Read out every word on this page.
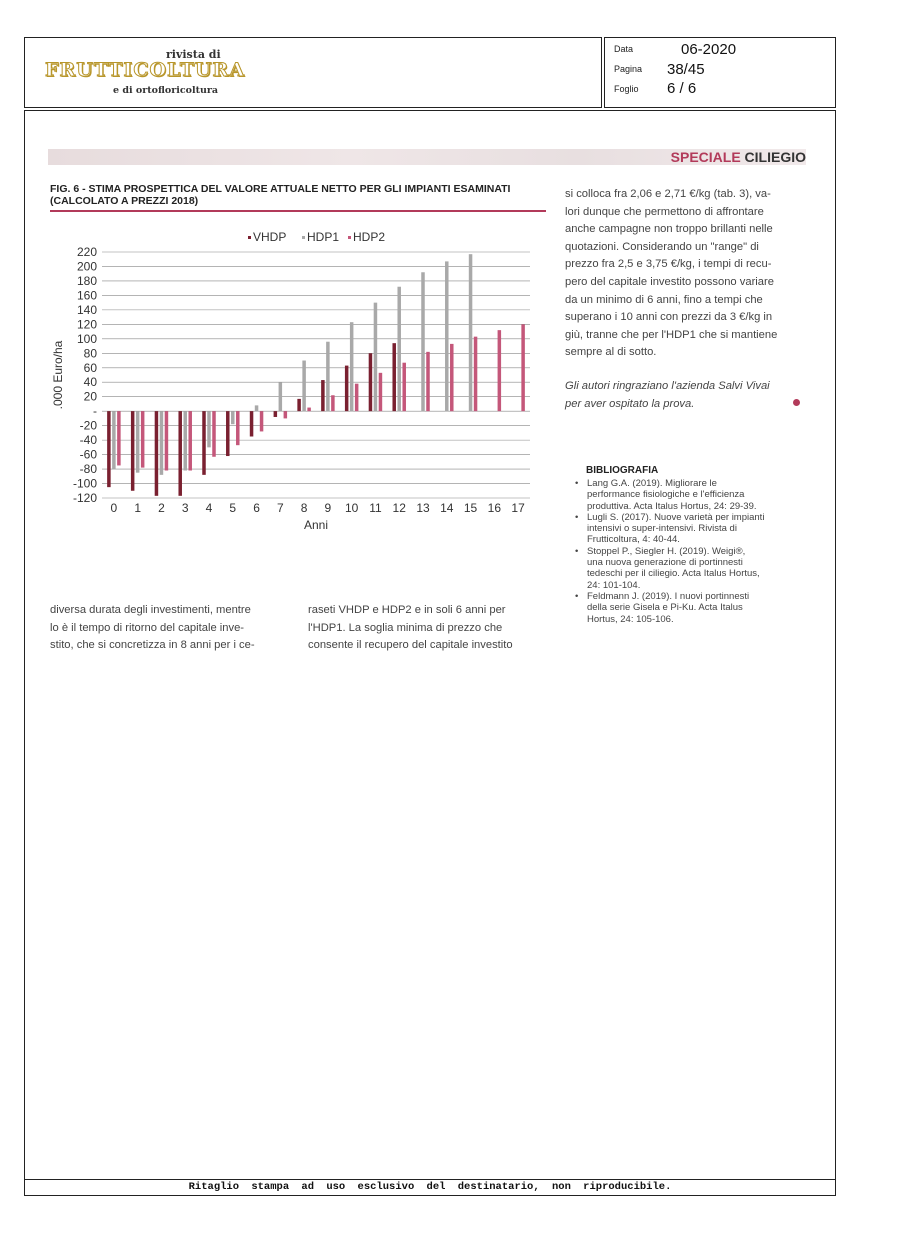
rivista di
FRUTTICOLTURA
e di ortofloricoltura
Data	06-2020
Pagina 38/45
Foglio 6 / 6
SPECIALE CILIEGIO
FIG. 6 - STIMA PROSPETTICA DEL VALORE ATTUALE NETTO PER GLI IMPIANTI ESAMINATI
(CALCOLATO A PREZZI 2018)
220
200
180
160
140
120
100
80
60
40
20
-
-20
-40
-60
-80
-100
-120
.000 Euro/ha
0 1 2 3 4 5 6 7 8 9 10 11 12 13 14 15 16 17
Anni
VHDP HDP1 HDP2
diversa durata degli investimenti, mentre
lo è il tempo di ritorno del capitale inve-
stito, che si concretizza in 8 anni per i ce-
raseti VHDP e HDP2 e in soli 6 anni per
l'HDP1. La soglia minima di prezzo che
consente il recupero del capitale investito
si colloca fra 2,06 e 2,71 €/kg (tab. 3), va-
lori dunque che permettono di affrontare
anche campagne non troppo brillanti nelle
quotazioni. Considerando un "range" di
prezzo fra 2,5 e 3,75 €/kg, i tempi di recu-
pero del capitale investito possono variare
da un minimo di 6 anni, fino a tempi che
superano i 10 anni con prezzi da 3 €/kg in
giù, tranne che per l'HDP1 che si mantiene
sempre al di sotto.
Gli autori ringraziano l'azienda Salvi Vivai
per aver ospitato la prova.
BIBLIOGRAFIA
• Lang G.A. (2019). Migliorare le
performance fisiologiche e l'efficienza
produttiva. Acta Italus Hortus, 24: 29-39.
• Lugli S. (2017). Nuove varietà per impianti
intensivi o super-intensivi. Rivista di
Frutticoltura, 4: 40-44.
• Stoppel P., Siegler H. (2019). Weigi®,
una nuova generazione di portinnesti
tedeschi per il ciliegio. Acta Italus Hortus,
24: 101-104.
• Feldmann J. (2019). I nuovi portinnesti
della serie Gisela e Pi-Ku. Acta Italus
Hortus, 24: 105-106.
Ritaglio stampa ad uso esclusivo del destinatario, non riproducibile.
